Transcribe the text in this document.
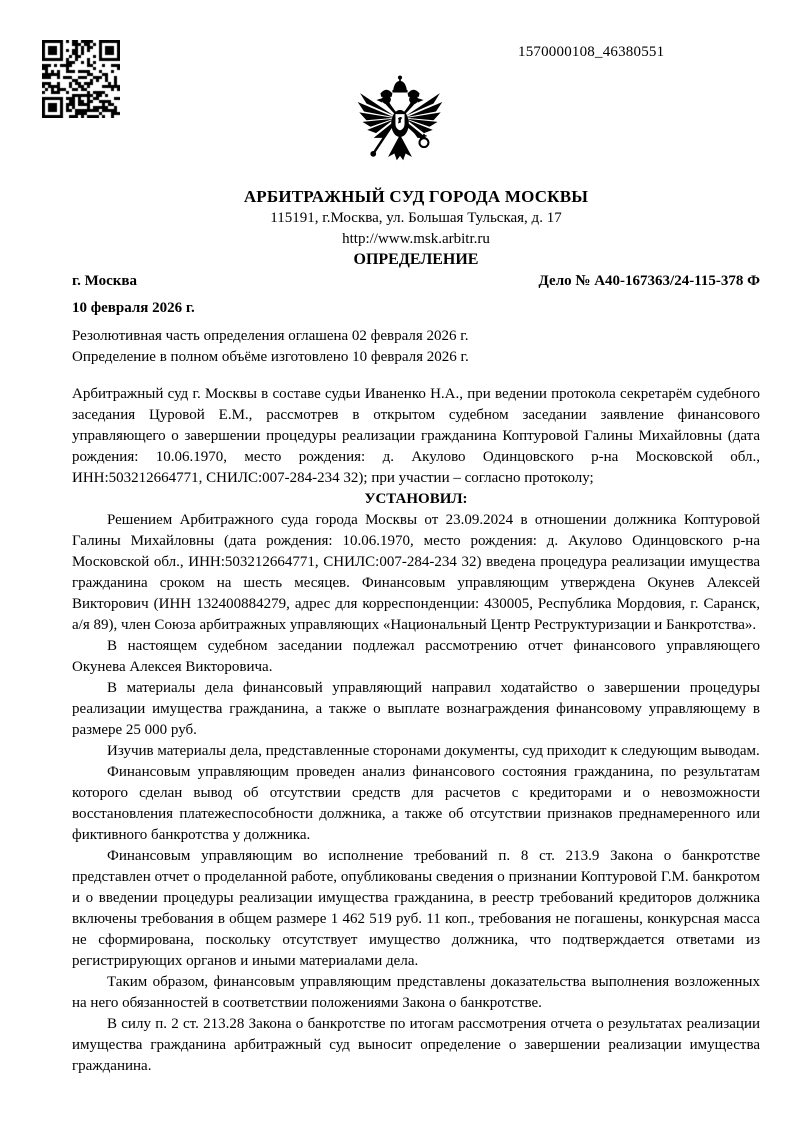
1570000108_46380551
АРБИТРАЖНЫЙ СУД ГОРОДА МОСКВЫ
115191, г.Москва, ул. Большая Тульская, д. 17
http://www.msk.arbitr.ru
ОПРЕДЕЛЕНИЕ
г. Москва	Дело № А40-167363/24-115-378 Ф
10 февраля 2026 г.
Резолютивная часть определения оглашена 02 февраля 2026 г.
Определение в полном объёме изготовлено 10 февраля 2026 г.

Арбитражный суд г. Москвы в составе судьи Иваненко Н.А., при ведении протокола секретарём судебного заседания Цуровой Е.М., рассмотрев в открытом судебном заседании заявление финансового управляющего о завершении процедуры реализации гражданина Коптуровой Галины Михайловны (дата рождения: 10.06.1970, место рождения: д. Акулово Одинцовского р-на Московской обл., ИНН:503212664771, СНИЛС:007-284-234 32); при участии – согласно протоколу;

УСТАНОВИЛ:

Решением Арбитражного суда города Москвы от 23.09.2024 в отношении должника Коптуровой Галины Михайловны (дата рождения: 10.06.1970, место рождения: д. Акулово Одинцовского р-на Московской обл., ИНН:503212664771, СНИЛС:007-284-234 32) введена процедура реализации имущества гражданина сроком на шесть месяцев. Финансовым управляющим утверждена Окунев Алексей Викторович (ИНН 132400884279, адрес для корреспонденции: 430005, Республика Мордовия, г. Саранск, а/я 89), член Союза арбитражных управляющих «Национальный Центр Реструктуризации и Банкротства».

В настоящем судебном заседании подлежал рассмотрению отчет финансового управляющего Окунева Алексея Викторовича.

В материалы дела финансовый управляющий направил ходатайство о завершении процедуры реализации имущества гражданина, а также о выплате вознаграждения финансовому управляющему в размере 25 000 руб.

Изучив материалы дела, представленные сторонами документы, суд приходит к следующим выводам.

Финансовым управляющим проведен анализ финансового состояния гражданина, по результатам которого сделан вывод об отсутствии средств для расчетов с кредиторами и о невозможности восстановления платежеспособности должника, а также об отсутствии признаков преднамеренного или фиктивного банкротства у должника.

Финансовым управляющим во исполнение требований п. 8 ст. 213.9 Закона о банкротстве представлен отчет о проделанной работе, опубликованы сведения о признании Коптуровой Г.М. банкротом и о введении процедуры реализации имущества гражданина, в реестр требований кредиторов должника включены требования в общем размере 1 462 519 руб. 11 коп., требования не погашены, конкурсная масса не сформирована, поскольку отсутствует имущество должника, что подтверждается ответами из регистрирующих органов и иными материалами дела.

Таким образом, финансовым управляющим представлены доказательства выполнения возложенных на него обязанностей в соответствии положениями Закона о банкротстве.

В силу п. 2 ст. 213.28 Закона о банкротстве по итогам рассмотрения отчета о результатах реализации имущества гражданина арбитражный суд выносит определение о завершении реализации имущества гражданина.
